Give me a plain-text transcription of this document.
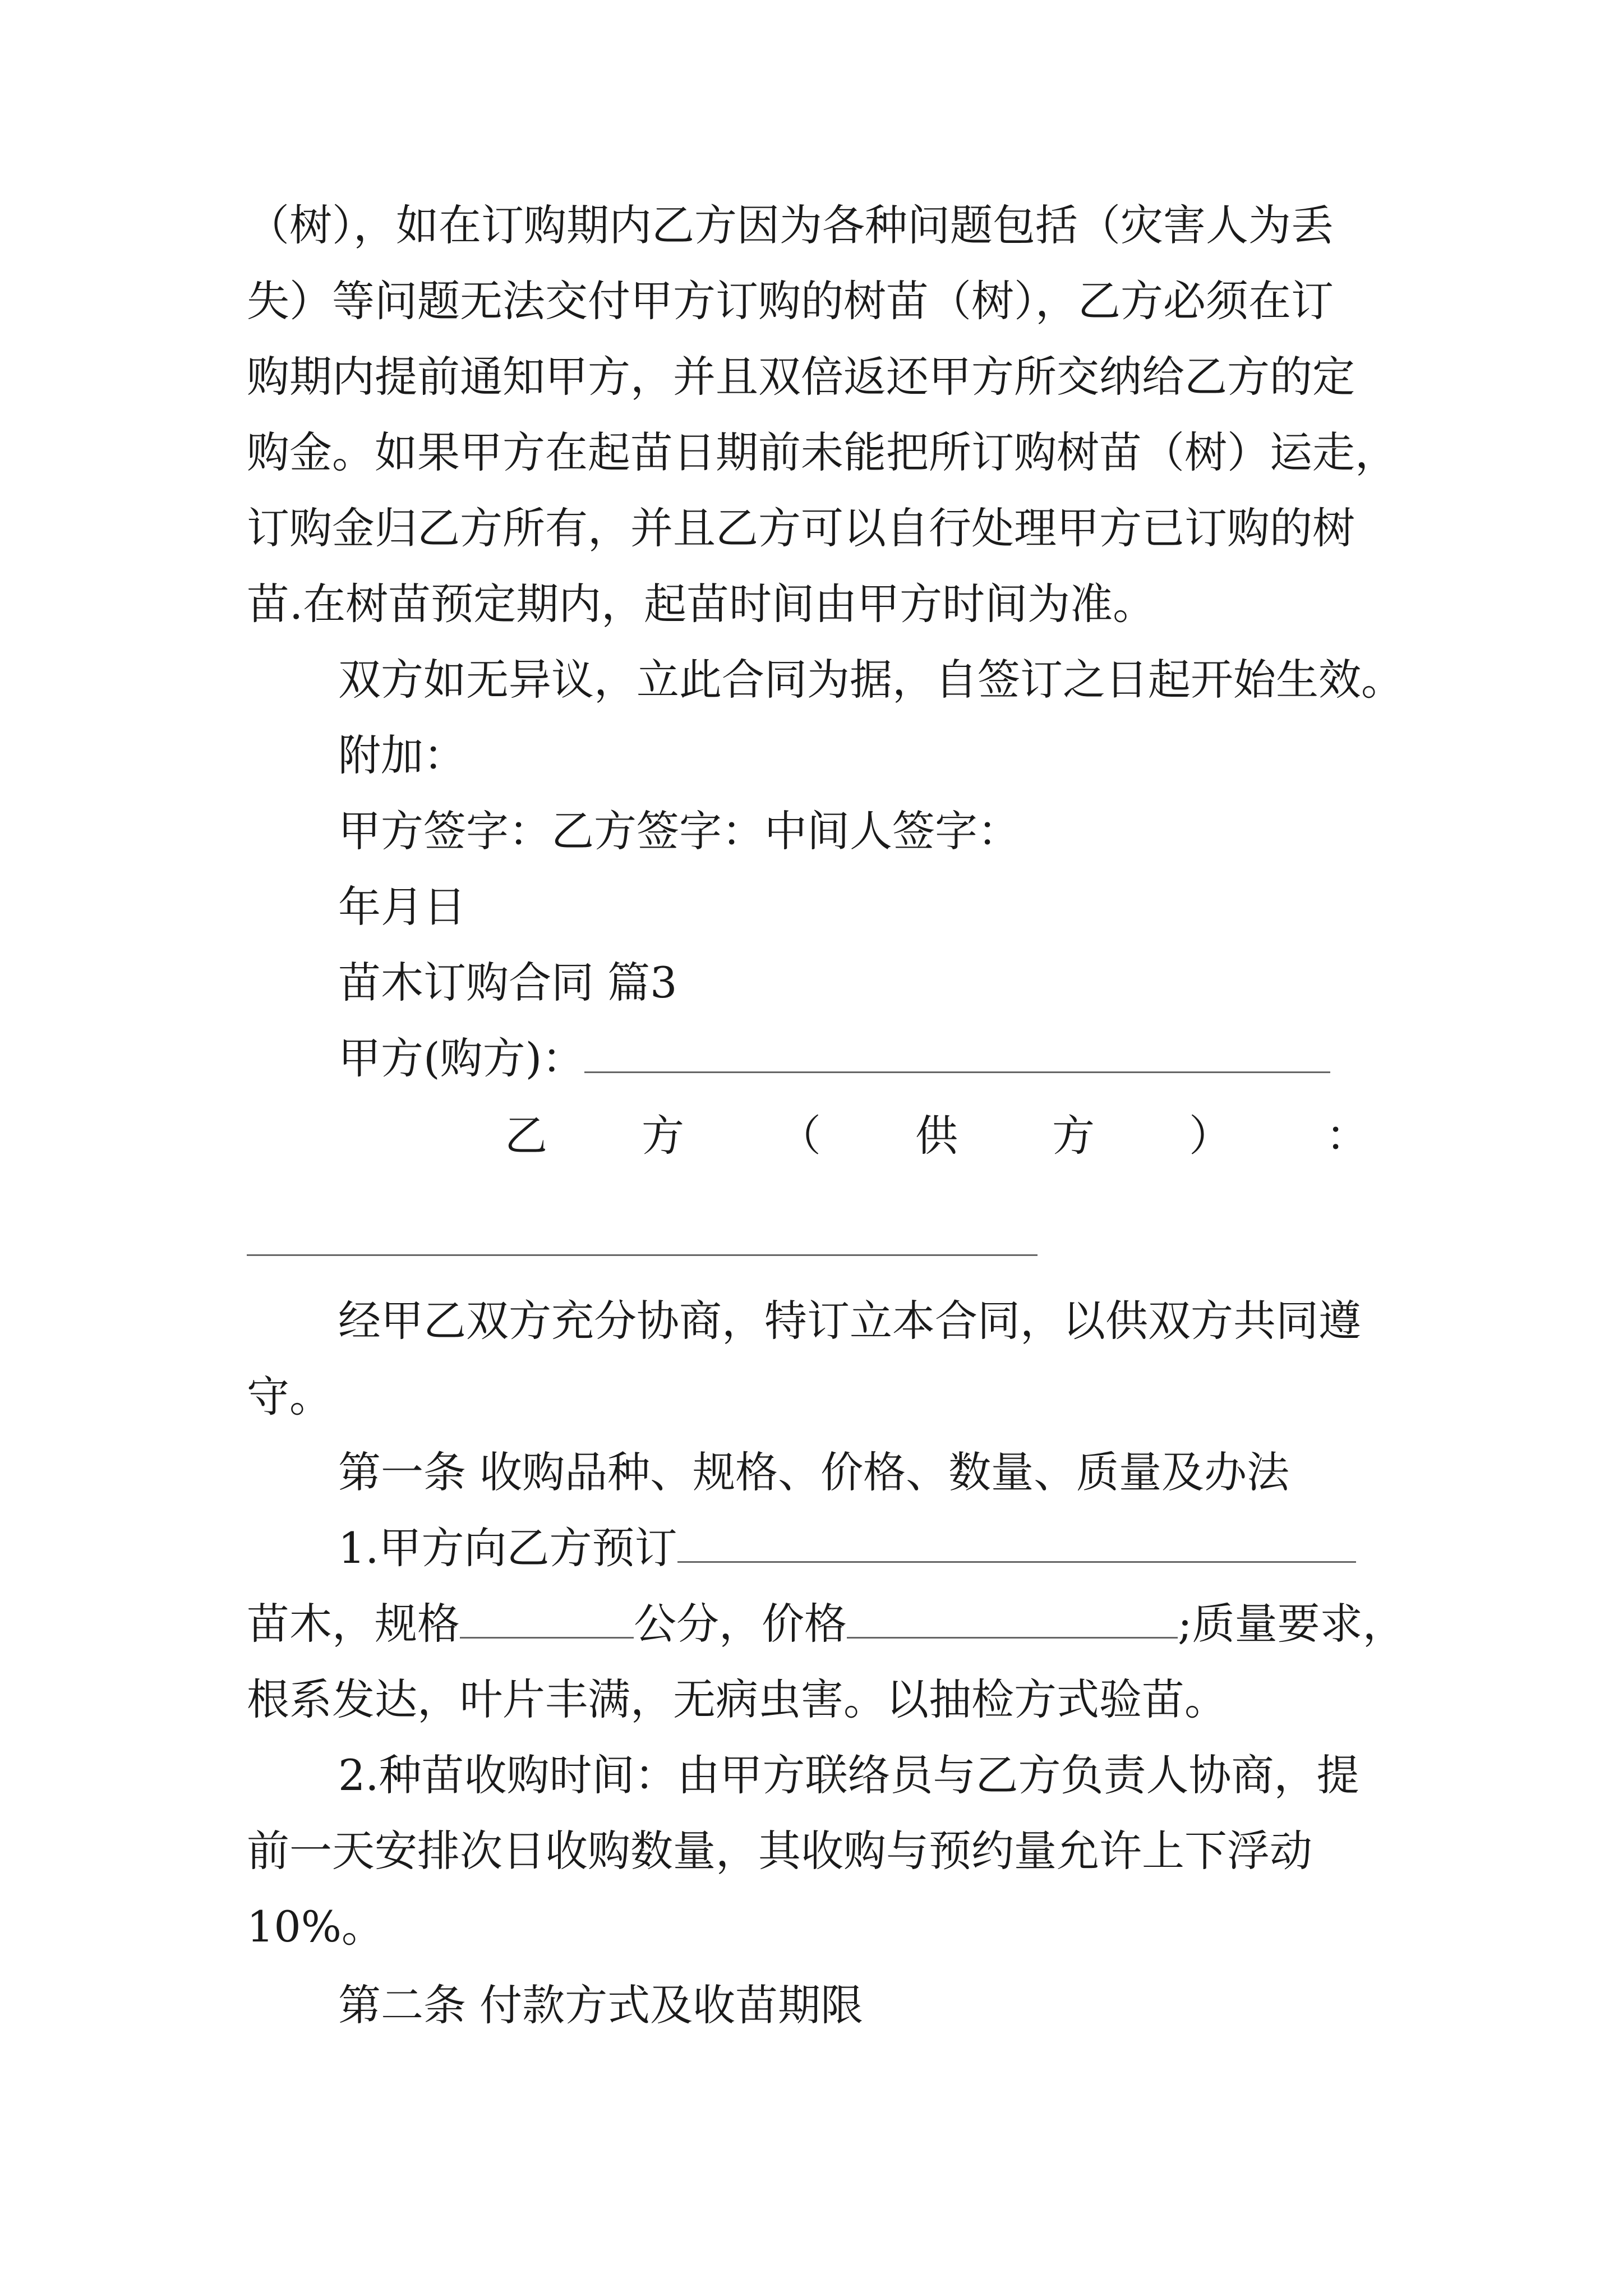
（树），如在订购期内乙方因为各种问题包括（灾害人为丢
失）等问题无法交付甲方订购的树苗（树），乙方必须在订
购期内提前通知甲方，并且双倍返还甲方所交纳给乙方的定
购金。如果甲方在起苗日期前未能把所订购树苗（树）运走，
订购金归乙方所有，并且乙方可以自行处理甲方已订购的树
苗.在树苗预定期内，起苗时间由甲方时间为准。
双方如无异议，立此合同为据，自签订之日起开始生效。
附加：
甲方签字：乙方签字：中间人签字：
年月日
苗木订购合同 篇3
甲方(购方)：
乙 方 （ 供 方 ） ：
经甲乙双方充分协商，特订立本合同，以供双方共同遵
守。
第一条 收购品种、规格、价格、数量、质量及办法
1.甲方向乙方预订
苗木，规格	公分，价格	;质量要求，
根系发达，叶片丰满，无病虫害。以抽检方式验苗。
2.种苗收购时间：由甲方联络员与乙方负责人协商，提
前一天安排次日收购数量，其收购与预约量允许上下浮动
10%。
第二条 付款方式及收苗期限
